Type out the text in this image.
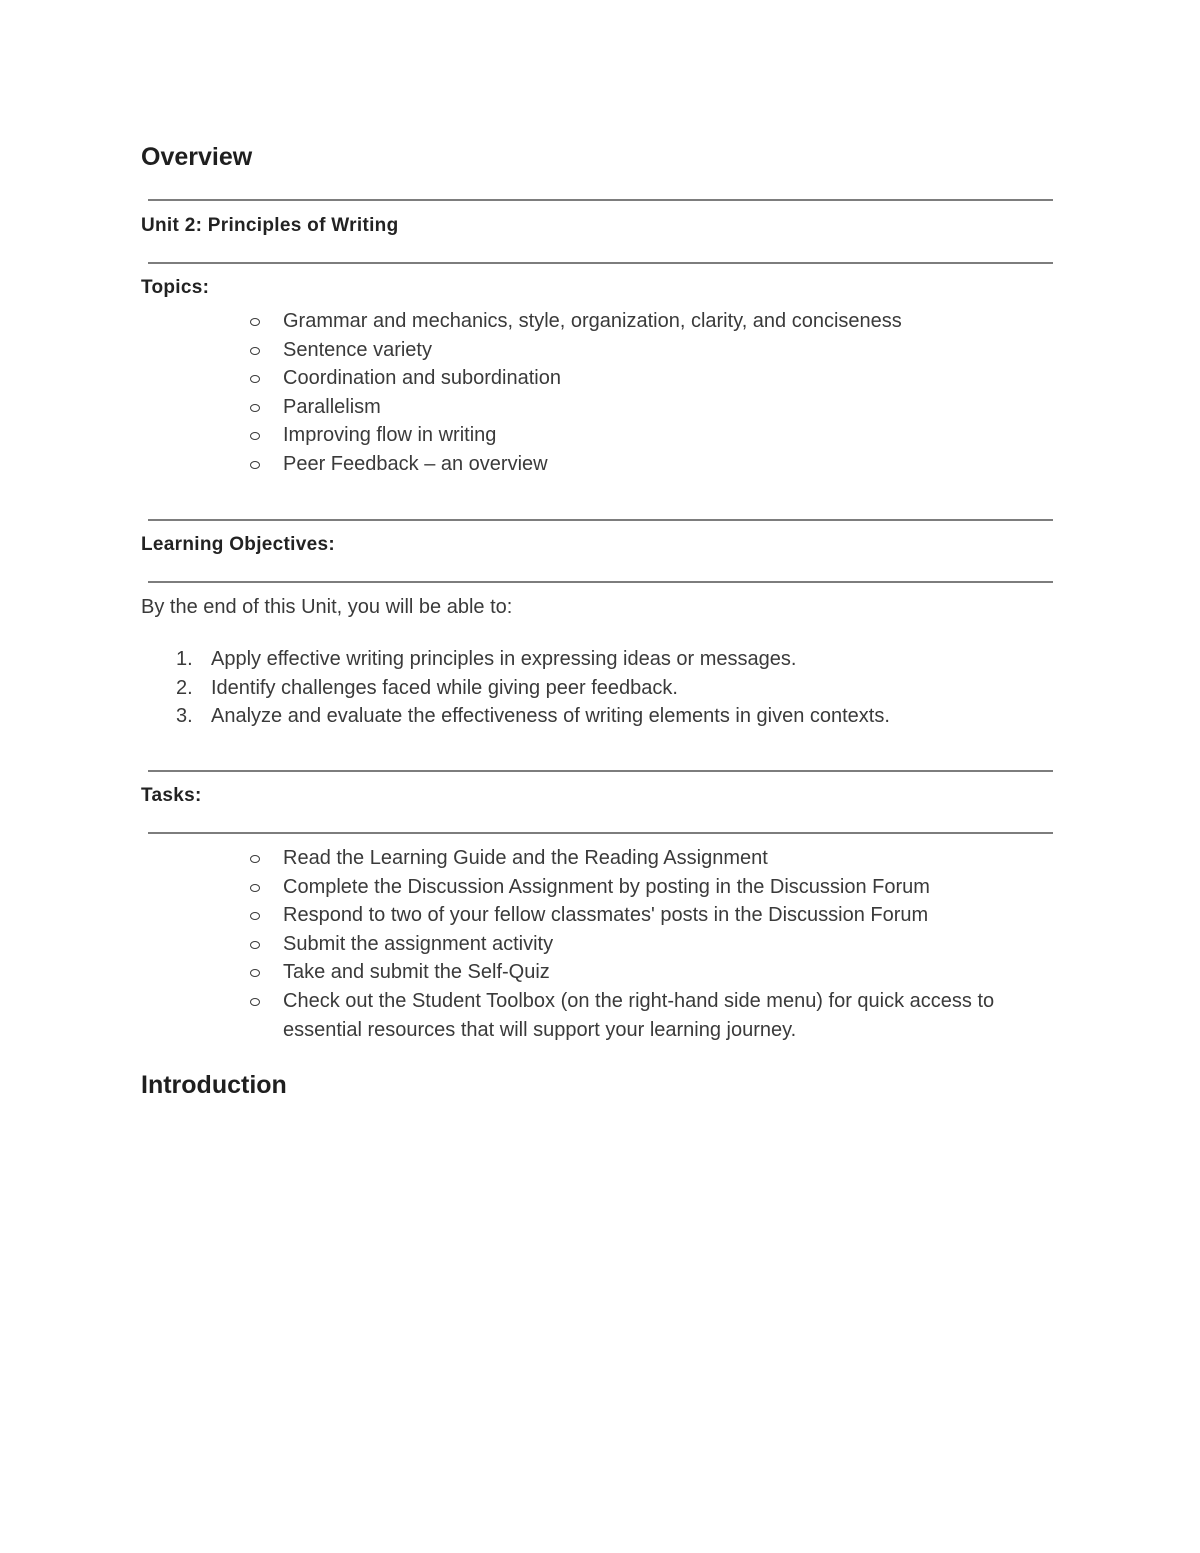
Overview
Unit 2: Principles of Writing
Topics:
Grammar and mechanics, style, organization, clarity, and conciseness
Sentence variety
Coordination and subordination
Parallelism
Improving flow in writing
Peer Feedback – an overview
Learning Objectives:
By the end of this Unit, you will be able to:
1. Apply effective writing principles in expressing ideas or messages.
2. Identify challenges faced while giving peer feedback.
3. Analyze and evaluate the effectiveness of writing elements in given contexts.
Tasks:
Read the Learning Guide and the Reading Assignment
Complete the Discussion Assignment by posting in the Discussion Forum
Respond to two of your fellow classmates' posts in the Discussion Forum
Submit the assignment activity
Take and submit the Self-Quiz
Check out the Student Toolbox (on the right-hand side menu) for quick access to
essential resources that will support your learning journey.
Introduction
